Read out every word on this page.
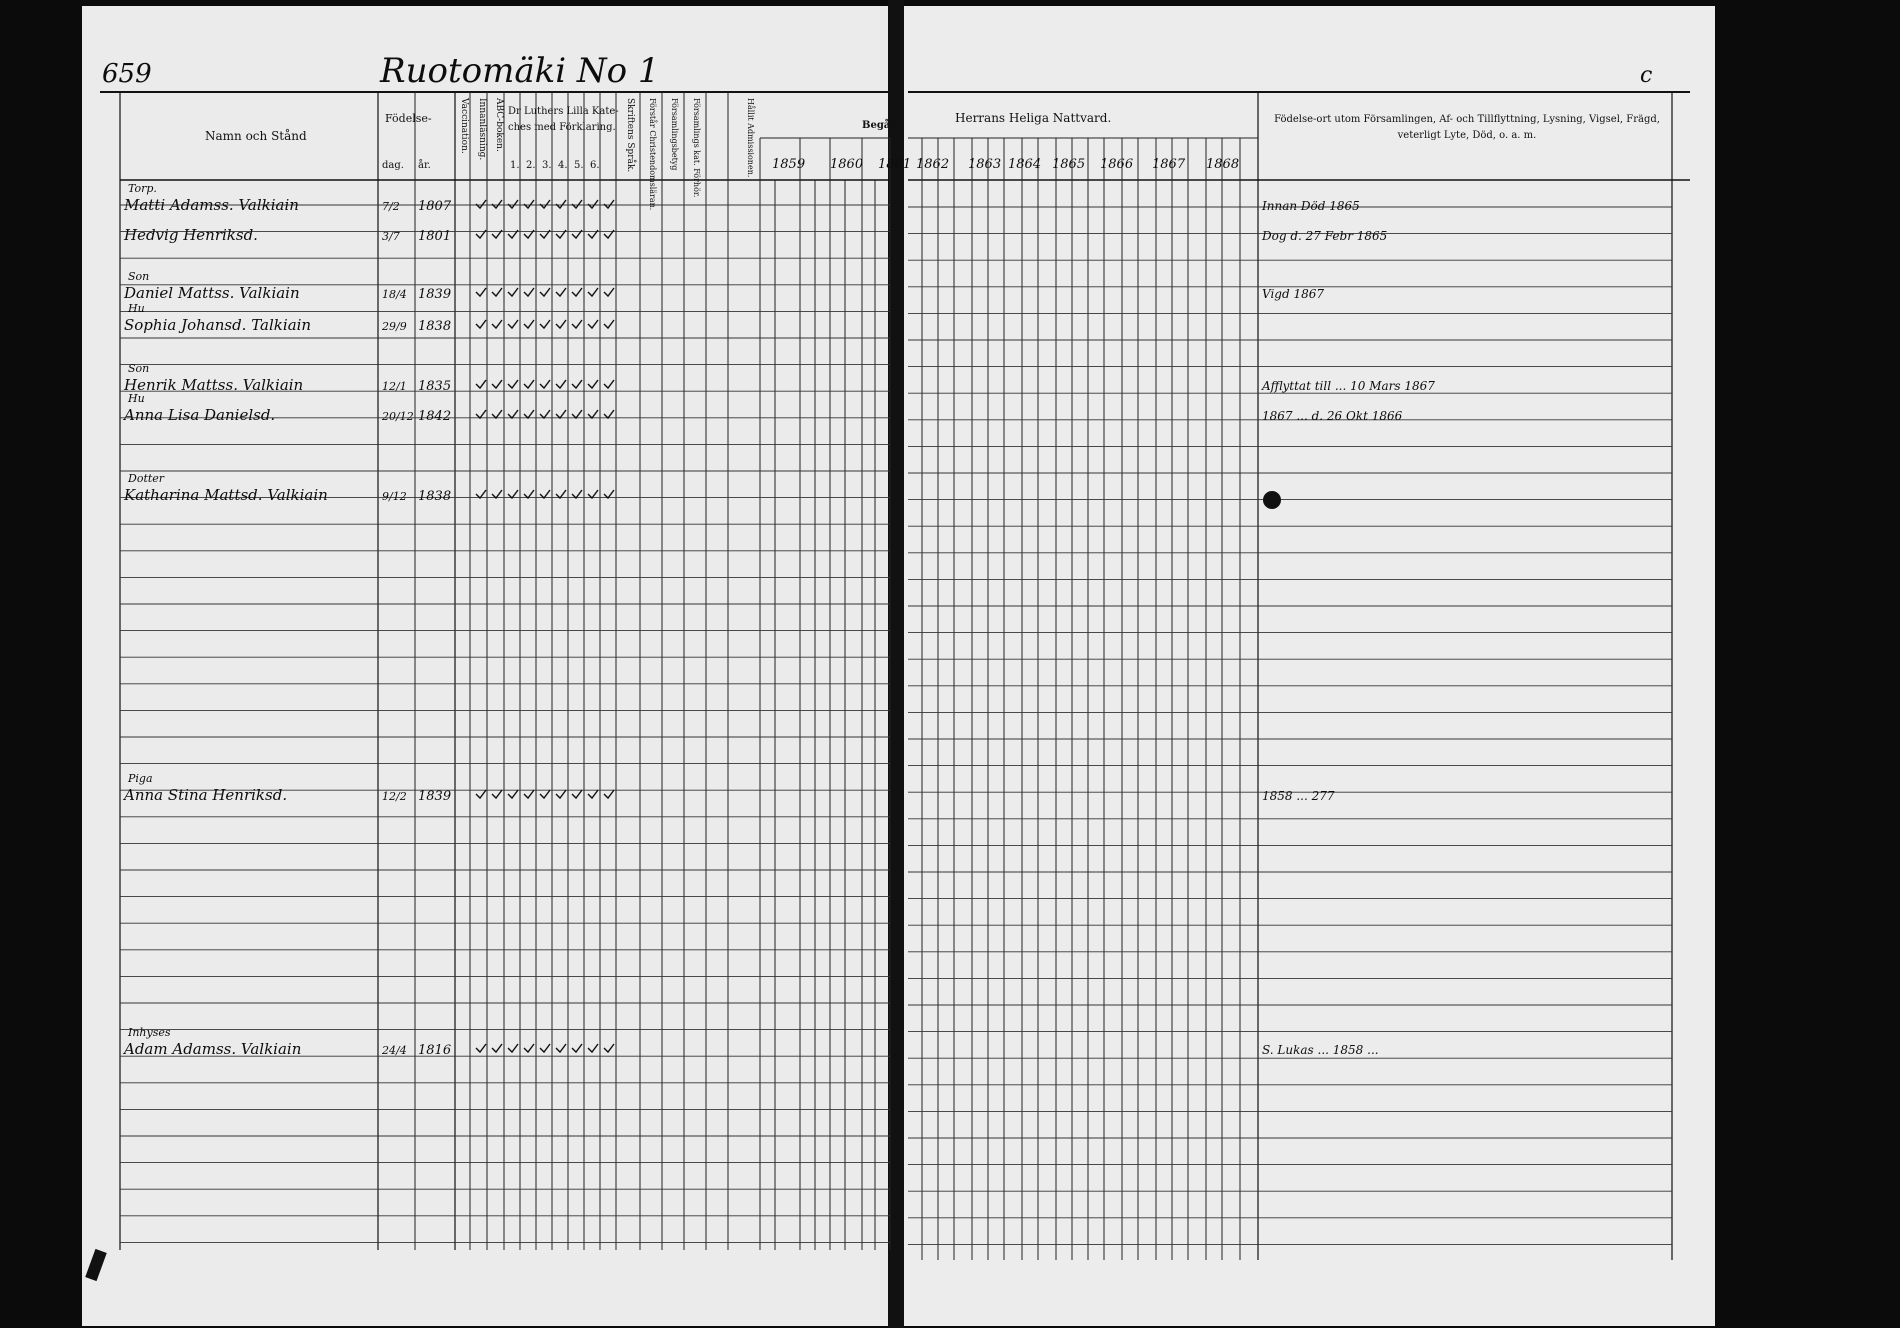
659	Ruotomäki No 1	c
Namn och Stånd
Födelse-
dag. år.
Vaccination. Innanläsning. ABC-boken. Dr Luthers Lilla Kate-
ches med Förklaring.
1. 2. 3. 4. 5. 6.	Skriftens Språk. Förstår Christendomsläran. Församlingsbetyg Församlings kat. Förhör.	Hållit Admissionen.	Begått
Herrans Heliga Nattvard.	Födelse-ort utom Församlingen, Af- och Tillflyttning, Lysning, Vigsel, Frägd, veterligt Lyte, Död, o. a. m.
1859 1860 1861 1862 1863 1864 1865 1866 1867 1868
Torp.
Matti Adamss. Valkiain	7/2 1807	Innan Död 1865
Hedvig Henriksd.	3/7 1801	Dog d. 27 Febr 1865
Son
Daniel Mattss. Valkiain	18/4 1839	Vigd 1867
Hu
Sophia Johansd. Talkiain	29/9 1838
Son
Henrik Mattss. Valkiain	12/1 1835	Afflyttat till ... 10 Mars 1867
Hu
Anna Lisa Danielsd.	20/12 1842	1867 ... d. 26 Okt 1866
Dotter
Katharina Mattsd. Valkiain	9/12 1838
Piga
Anna Stina Henriksd.	12/2 1839	1858 ... 277
Inhyses
Adam Adamss. Valkiain	24/4 1816	S. Lukas ... 1858 ...
